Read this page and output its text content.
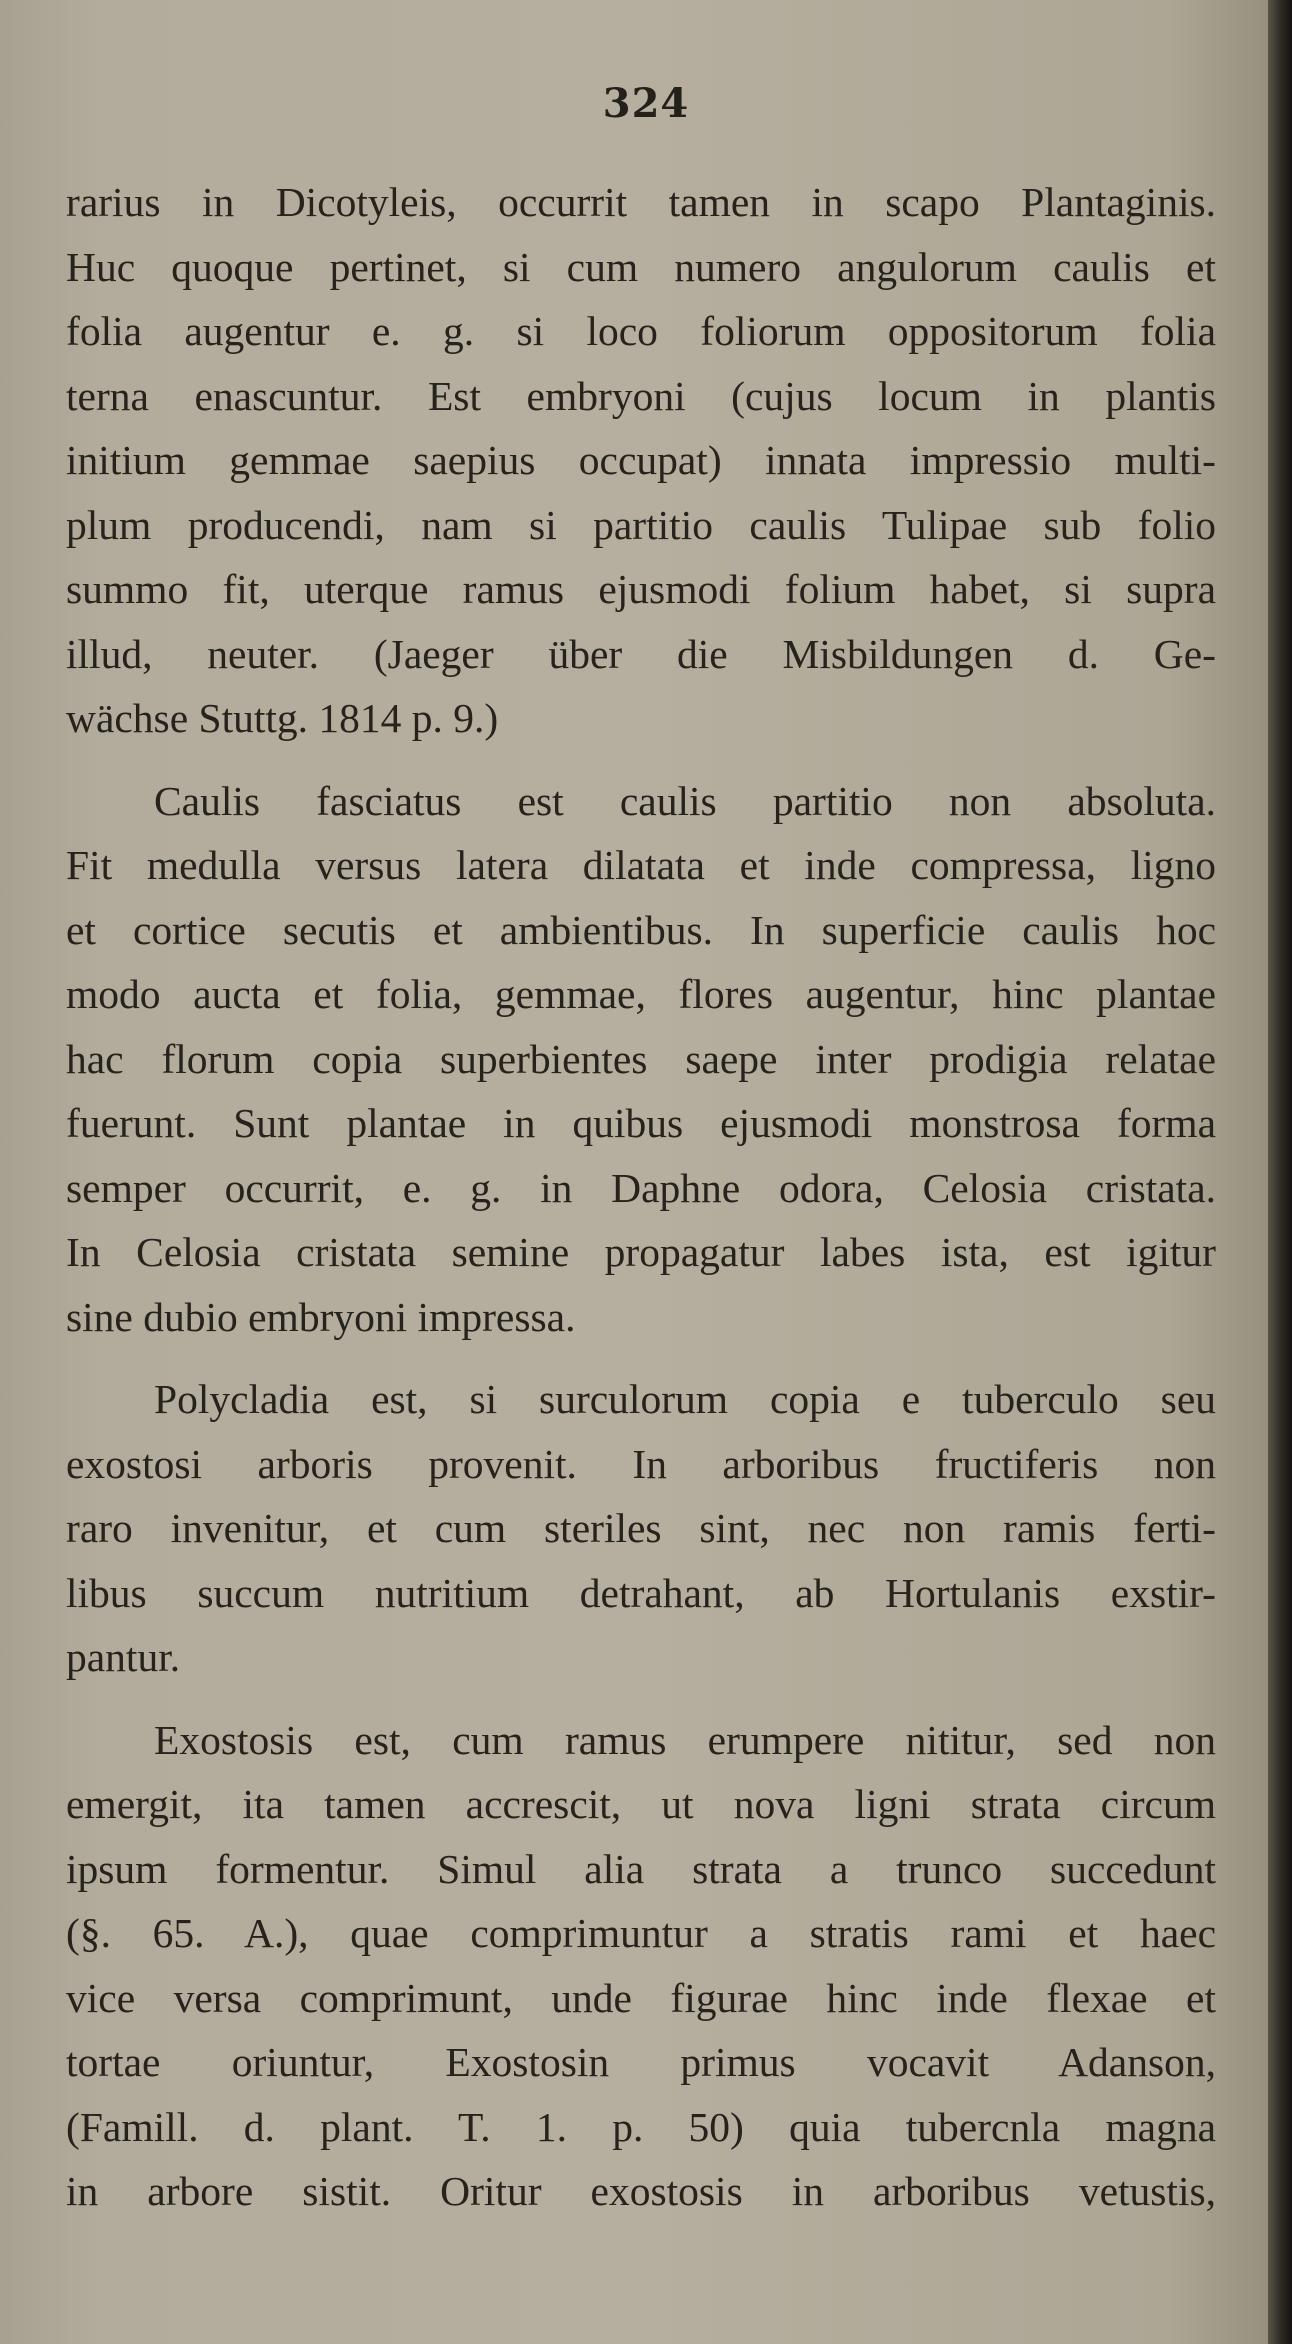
324
rarius in Dicotyleis, occurrit tamen in scapo Plantaginis.
Huc quoque pertinet, si cum numero angulorum caulis et
folia augentur e. g. si loco foliorum oppositorum folia
terna enascuntur. Est embryoni (cujus locum in plantis
initium gemmae saepius occupat) innata impressio multi-
plum producendi, nam si partitio caulis Tulipae sub folio
summo fit, uterque ramus ejusmodi folium habet, si supra
illud, neuter. (Jaeger über die Misbildungen d. Ge-
wächse Stuttg. 1814 p. 9.)
Caulis fasciatus est caulis partitio non absoluta.
Fit medulla versus latera dilatata et inde compressa, ligno
et cortice secutis et ambientibus. In superficie caulis hoc
modo aucta et folia, gemmae, flores augentur, hinc plantae
hac florum copia superbientes saepe inter prodigia relatae
fuerunt. Sunt plantae in quibus ejusmodi monstrosa forma
semper occurrit, e. g. in Daphne odora, Celosia cristata.
In Celosia cristata semine propagatur labes ista, est igitur
sine dubio embryoni impressa.
Polycladia est, si surculorum copia e tuberculo seu
exostosi arboris provenit. In arboribus fructiferis non
raro invenitur, et cum steriles sint, nec non ramis ferti-
libus succum nutritium detrahant, ab Hortulanis exstir-
pantur.
Exostosis est, cum ramus erumpere nititur, sed non
emergit, ita tamen accrescit, ut nova ligni strata circum
ipsum formentur. Simul alia strata a trunco succedunt
(§. 65. A.), quae comprimuntur a stratis rami et haec
vice versa comprimunt, unde figurae hinc inde flexae et
tortae oriuntur, Exostosin primus vocavit Adanson,
(Famill. d. plant. T. 1. p. 50) quia tubercnla magna
in arbore sistit. Oritur exostosis in arboribus vetustis,
